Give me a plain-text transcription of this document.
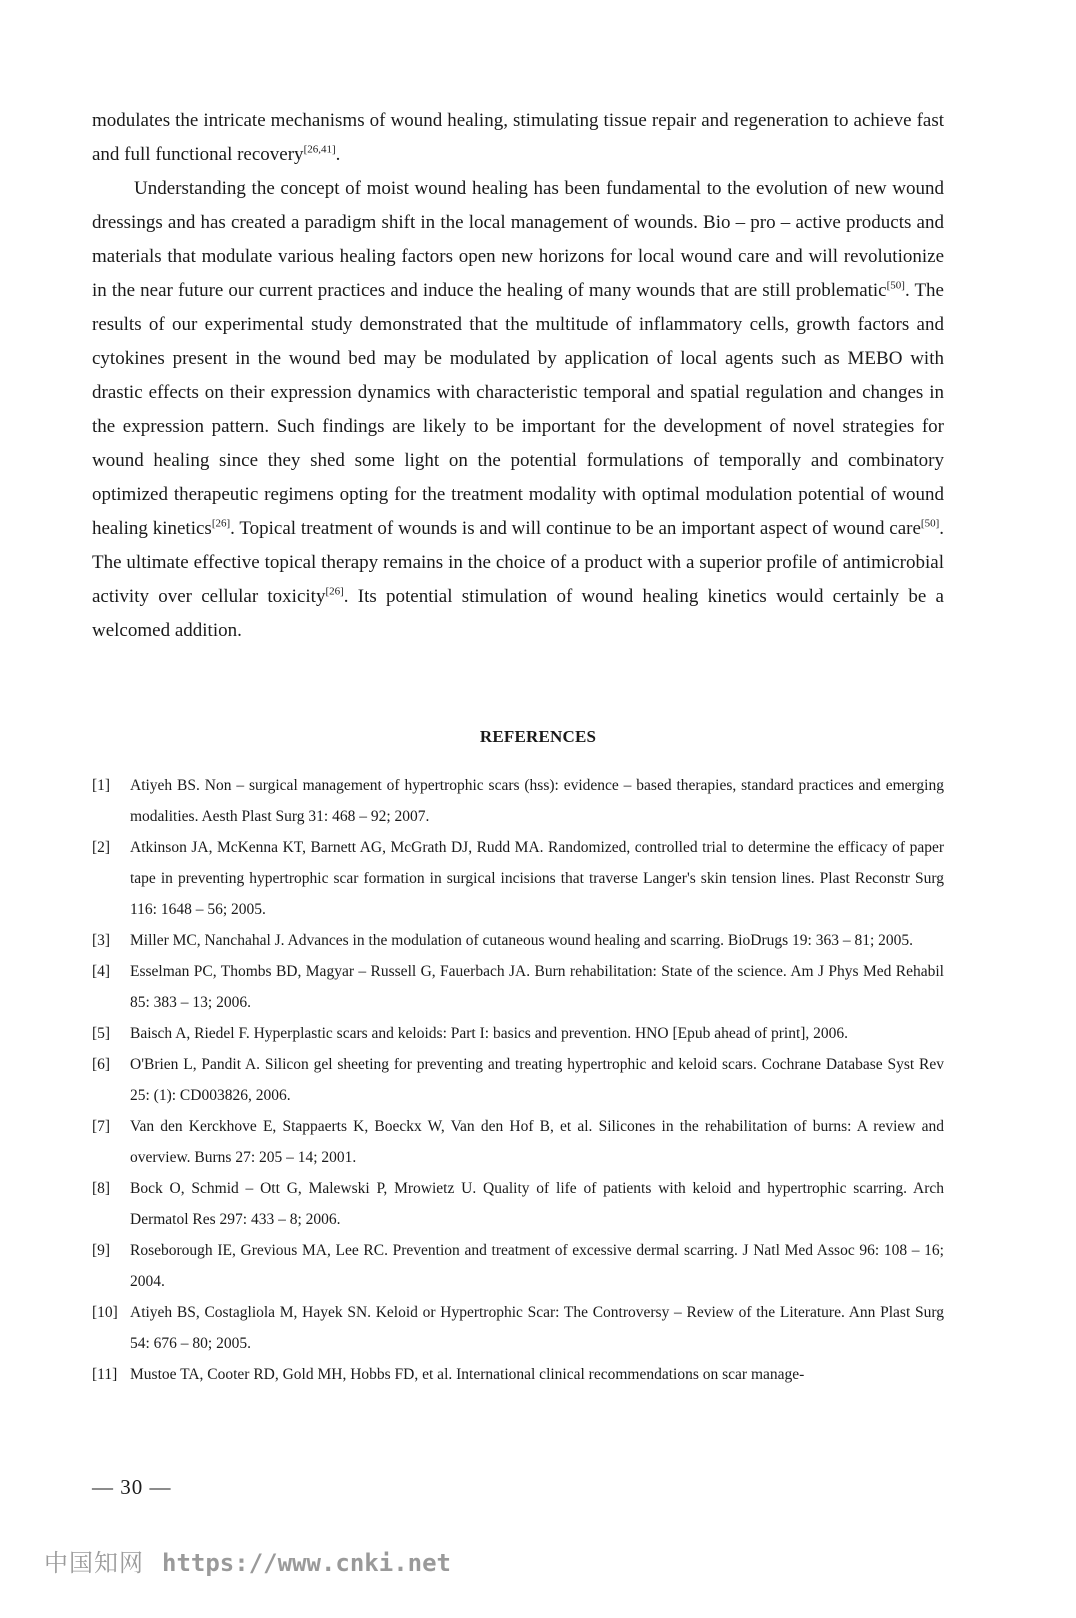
modulates the intricate mechanisms of wound healing, stimulating tissue repair and regeneration to achieve fast and full functional recovery[26,41].

Understanding the concept of moist wound healing has been fundamental to the evolution of new wound dressings and has created a paradigm shift in the local management of wounds. Bio – pro – active products and materials that modulate various healing factors open new horizons for local wound care and will revolutionize in the near future our current practices and induce the healing of many wounds that are still problematic[50]. The results of our experimental study demonstrated that the multitude of inflammatory cells, growth factors and cytokines present in the wound bed may be modulated by application of local agents such as MEBO with drastic effects on their expression dynamics with characteristic temporal and spatial regulation and changes in the expression pattern. Such findings are likely to be important for the development of novel strategies for wound healing since they shed some light on the potential formulations of temporally and combinatory optimized therapeutic regimens opting for the treatment modality with optimal modulation potential of wound healing kinetics[26]. Topical treatment of wounds is and will continue to be an important aspect of wound care[50]. The ultimate effective topical therapy remains in the choice of a product with a superior profile of antimicrobial activity over cellular toxicity[26]. Its potential stimulation of wound healing kinetics would certainly be a welcomed addition.

REFERENCES
[1]	Atiyeh BS. Non – surgical management of hypertrophic scars (hss): evidence – based therapies, standard practices and emerging modalities. Aesth Plast Surg 31: 468 – 92; 2007.
[2]	Atkinson JA, McKenna KT, Barnett AG, McGrath DJ, Rudd MA. Randomized, controlled trial to determine the efficacy of paper tape in preventing hypertrophic scar formation in surgical incisions that traverse Langer's skin tension lines. Plast Reconstr Surg 116: 1648 – 56; 2005.
[3]	Miller MC, Nanchahal J. Advances in the modulation of cutaneous wound healing and scarring. BioDrugs 19: 363 – 81; 2005.
[4]	Esselman PC, Thombs BD, Magyar – Russell G, Fauerbach JA. Burn rehabilitation: State of the science. Am J Phys Med Rehabil 85: 383 – 13; 2006.
[5]	Baisch A, Riedel F. Hyperplastic scars and keloids: Part I: basics and prevention. HNO [Epub ahead of print], 2006.
[6]	O'Brien L, Pandit A. Silicon gel sheeting for preventing and treating hypertrophic and keloid scars. Cochrane Database Syst Rev 25: (1): CD003826, 2006.
[7]	Van den Kerckhove E, Stappaerts K, Boeckx W, Van den Hof B, et al. Silicones in the rehabilitation of burns: A review and overview. Burns 27: 205 – 14; 2001.
[8]	Bock O, Schmid – Ott G, Malewski P, Mrowietz U. Quality of life of patients with keloid and hypertrophic scarring. Arch Dermatol Res 297: 433 – 8; 2006.
[9]	Roseborough IE, Grevious MA, Lee RC. Prevention and treatment of excessive dermal scarring. J Natl Med Assoc 96: 108 – 16; 2004.
[10] Atiyeh BS, Costagliola M, Hayek SN. Keloid or Hypertrophic Scar: The Controversy – Review of the Literature. Ann Plast Surg 54: 676 – 80; 2005.
[11] Mustoe TA, Cooter RD, Gold MH, Hobbs FD, et al. International clinical recommendations on scar manage-
— 30 —
中国知网 https://www.cnki.net
